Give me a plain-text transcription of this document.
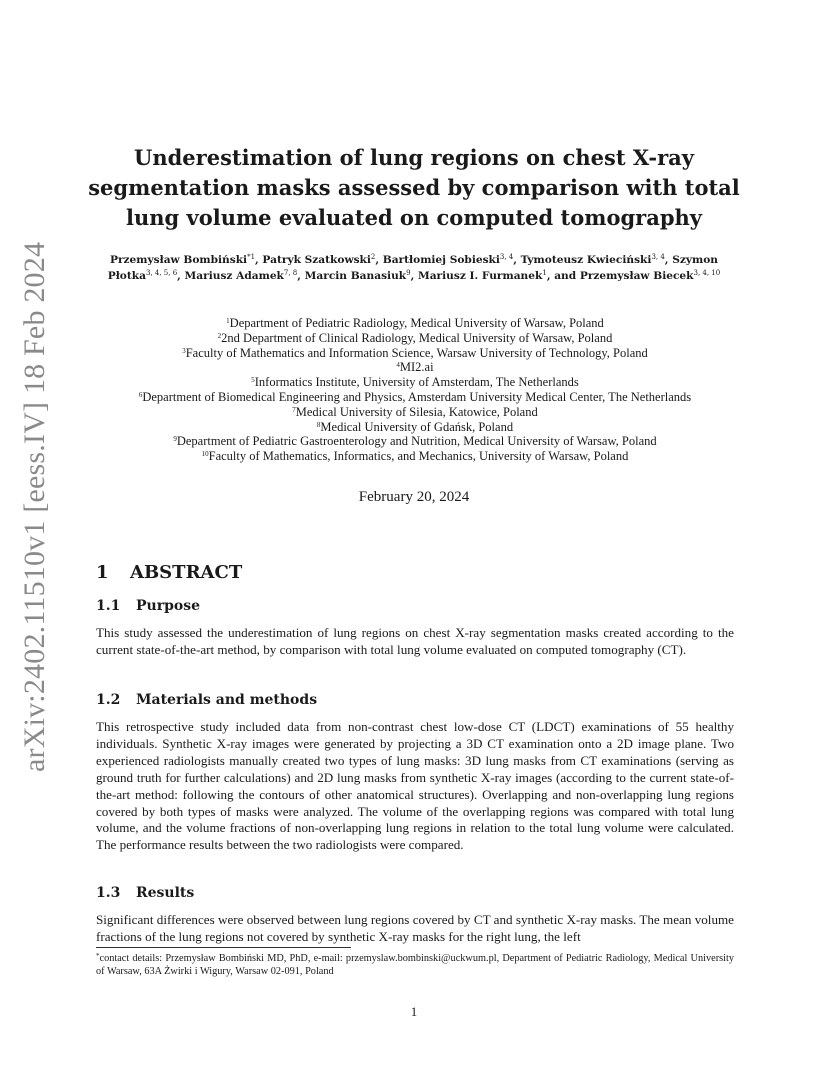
arXiv:2402.11510v1 [eess.IV] 18 Feb 2024
Underestimation of lung regions on chest X-ray segmentation masks assessed by comparison with total lung volume evaluated on computed tomography
Przemysław Bombiński$^{*1}$, Patryk Szatkowski$^2$, Bartłomiej Sobieski$^{3, 4}$, Tymoteusz Kwieciński$^{3, 4}$, Szymon Płotka$^{3, 4, 5, 6}$, Mariusz Adamek$^{7, 8}$, Marcin Banasiuk$^9$, Mariusz I. Furmanek$^1$, and Przemysław Biecek$^{3, 4, 10}$
$^1$Department of Pediatric Radiology, Medical University of Warsaw, Poland
$^2$2nd Department of Clinical Radiology, Medical University of Warsaw, Poland
$^3$Faculty of Mathematics and Information Science, Warsaw University of Technology, Poland
$^4$MI2.ai
$^5$Informatics Institute, University of Amsterdam, The Netherlands
$^6$Department of Biomedical Engineering and Physics, Amsterdam University Medical Center, The Netherlands
$^7$Medical University of Silesia, Katowice, Poland
$^8$Medical University of Gdańsk, Poland
$^9$Department of Pediatric Gastroenterology and Nutrition, Medical University of Warsaw, Poland
$^{10}$Faculty of Mathematics, Informatics, and Mechanics, University of Warsaw, Poland
February 20, 2024
1 ABSTRACT
1.1 Purpose
This study assessed the underestimation of lung regions on chest X-ray segmentation masks created according to the current state-of-the-art method, by comparison with total lung volume evaluated on computed tomography (CT).
1.2 Materials and methods
This retrospective study included data from non-contrast chest low-dose CT (LDCT) examinations of 55 healthy individuals. Synthetic X-ray images were generated by projecting a 3D CT examination onto a 2D image plane. Two experienced radiologists manually created two types of lung masks: 3D lung masks from CT examinations (serving as ground truth for further calculations) and 2D lung masks from synthetic X-ray images (according to the current state-of-the-art method: following the contours of other anatomical structures). Overlapping and non-overlapping lung regions covered by both types of masks were analyzed. The volume of the overlapping regions was compared with total lung volume, and the volume fractions of non-overlapping lung regions in relation to the total lung volume were calculated. The performance results between the two radiologists were compared.
1.3 Results
Significant differences were observed between lung regions covered by CT and synthetic X-ray masks. The mean volume fractions of the lung regions not covered by synthetic X-ray masks for the right lung, the left
*contact details: Przemysław Bombiński MD, PhD, e-mail: przemyslaw.bombinski@uckwum.pl, Department of Pediatric Radiology, Medical University of Warsaw, 63A Żwirki i Wigury, Warsaw 02-091, Poland
1
